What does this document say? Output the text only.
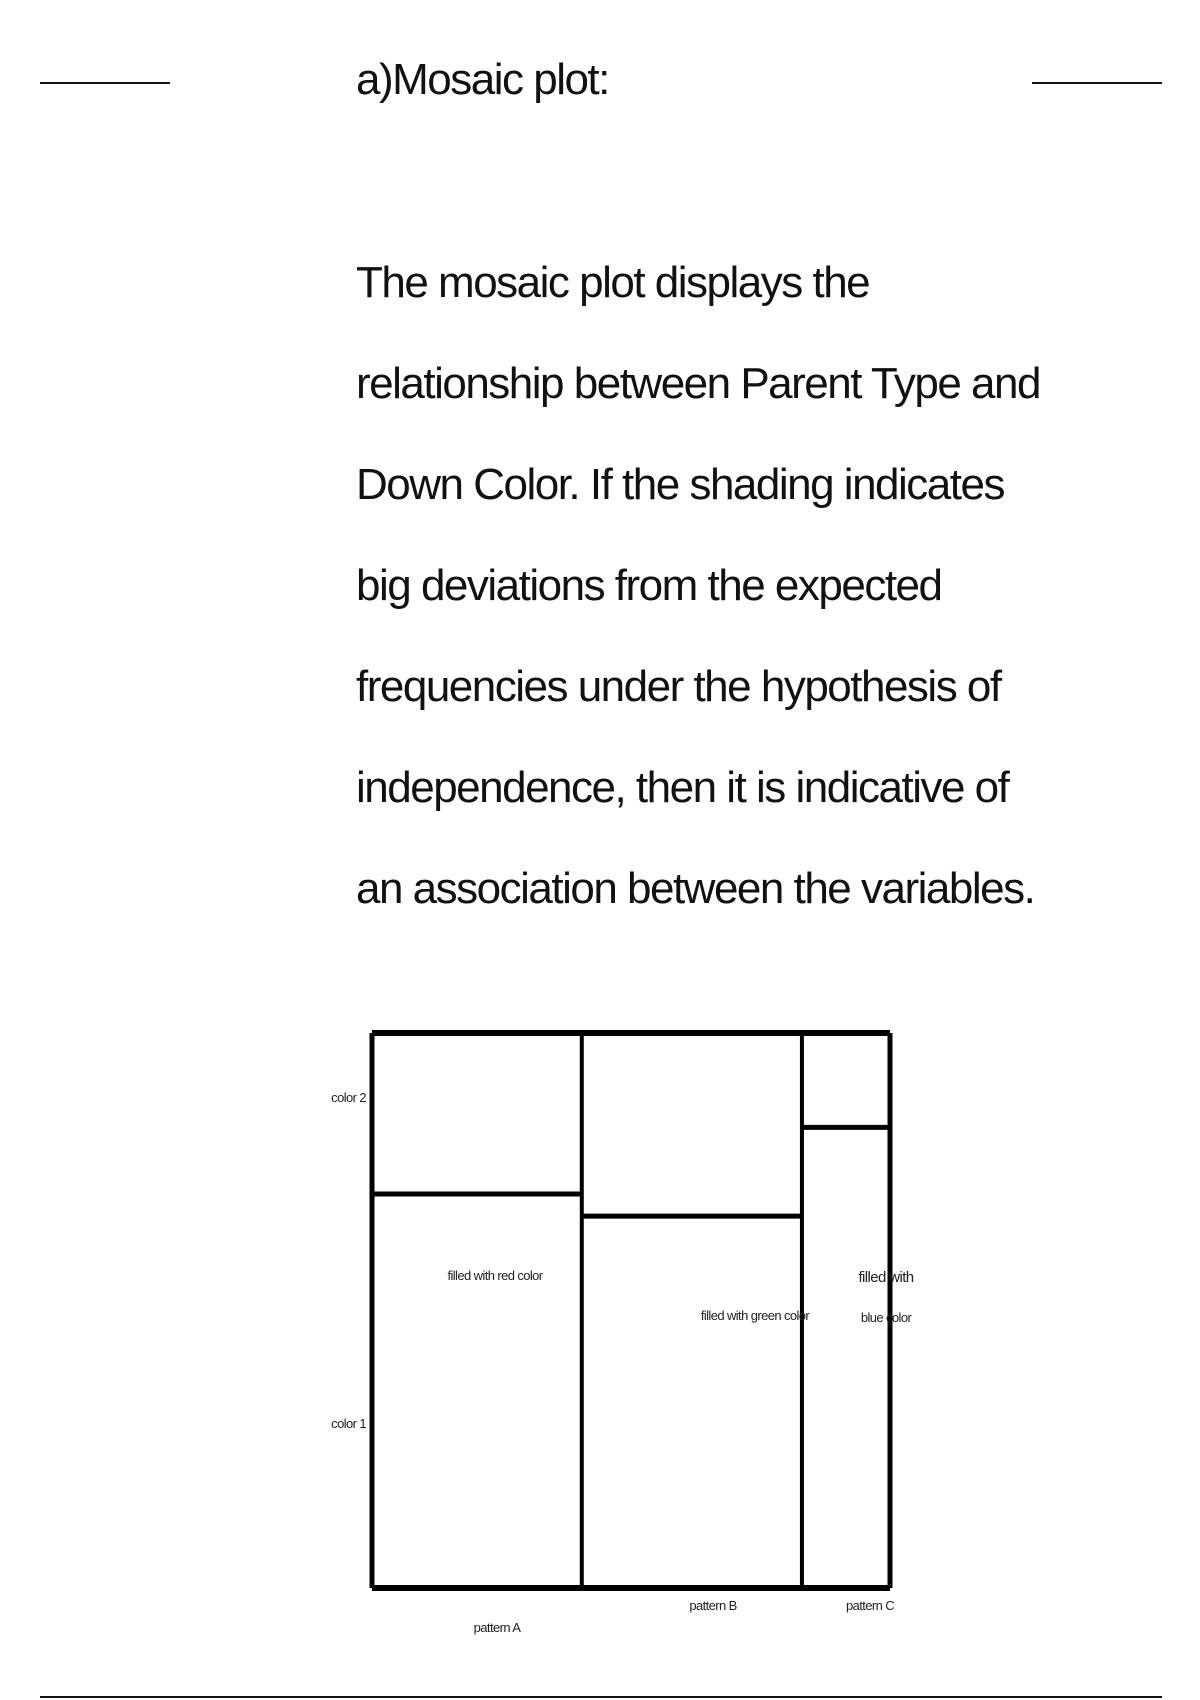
a)Mosaic plot:
The mosaic plot displays the
relationship between Parent Type and
Down Color. If the shading indicates
big deviations from the expected
frequencies under the hypothesis of
independence, then it is indicative of
an association between the variables.
color 2
color 1
filled with red color
filled with green color
filled with
blue color
pattern A
pattern B	pattern C
